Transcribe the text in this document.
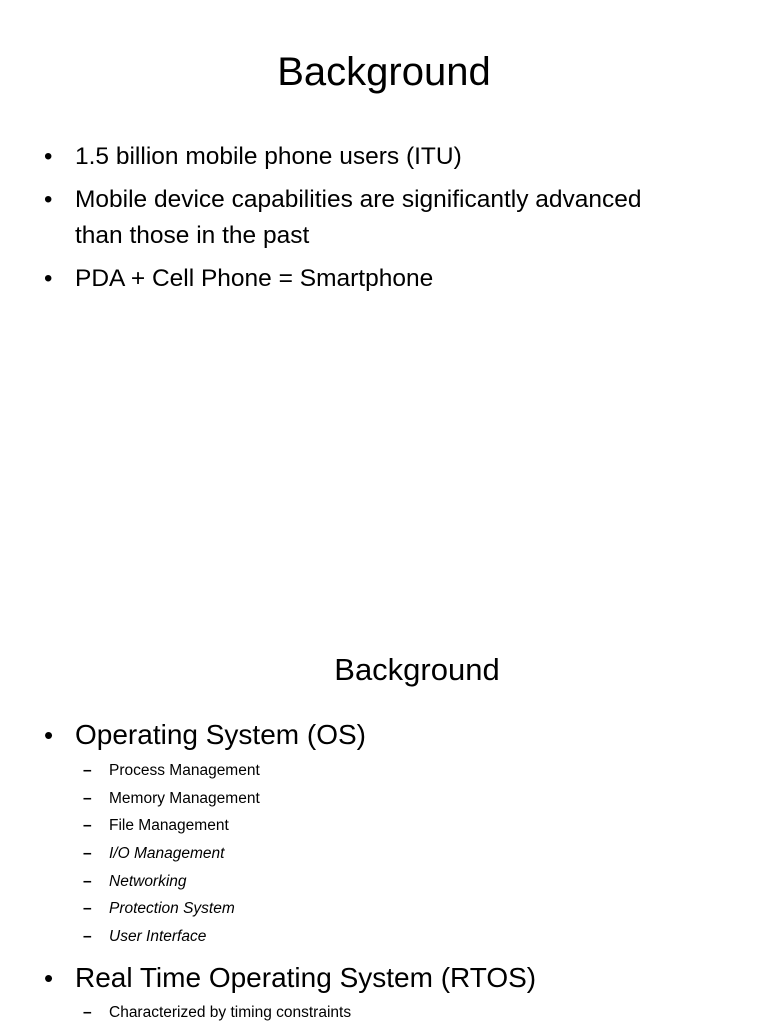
Background
• 1.5 billion mobile phone users (ITU)
• Mobile device capabilities are significantly advanced
than those in the past
• PDA + Cell Phone = Smartphone
Background
• Operating System (OS)
– Process Management
– Memory Management
– File Management
– I/O Management
– Networking
– Protection System
– User Interface
• Real Time Operating System (RTOS)
– Characterized by timing constraints
